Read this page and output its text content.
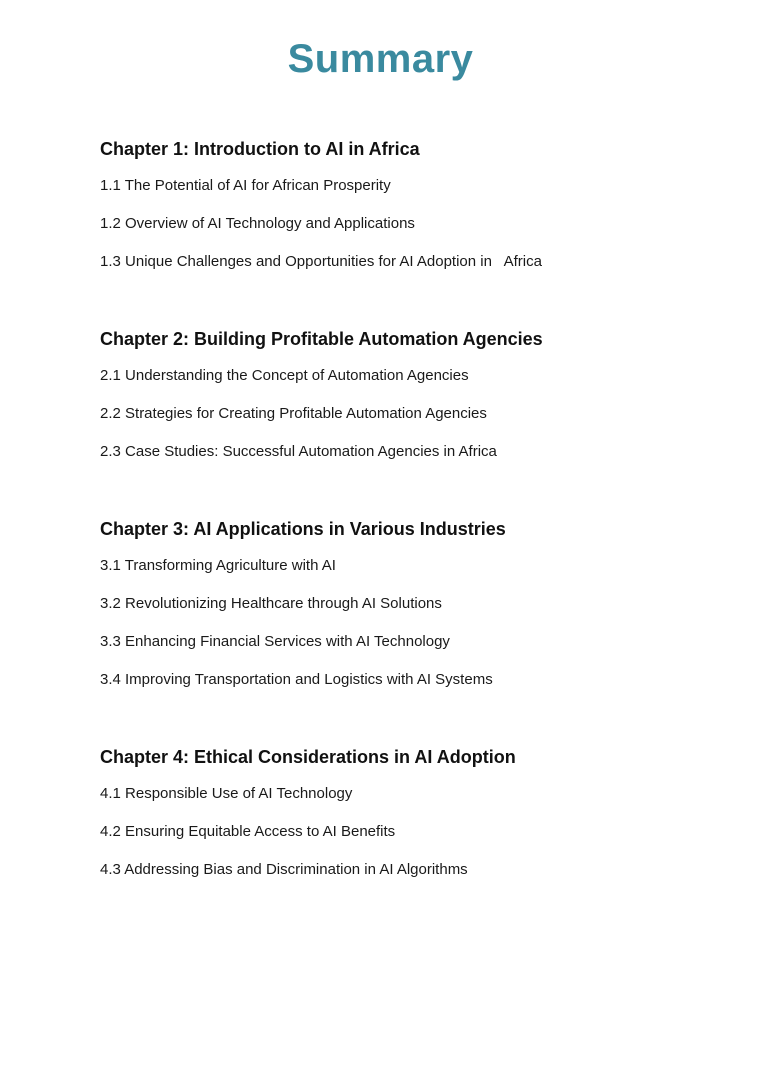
Summary
Chapter 1: Introduction to AI in Africa
1.1 The Potential of AI for African Prosperity
1.2 Overview of AI Technology and Applications
1.3 Unique Challenges and Opportunities for AI Adoption in   Africa
Chapter 2: Building Profitable Automation Agencies
2.1 Understanding the Concept of Automation Agencies
2.2 Strategies for Creating Profitable Automation Agencies
2.3 Case Studies: Successful Automation Agencies in Africa
Chapter 3: AI Applications in Various Industries
3.1 Transforming Agriculture with AI
3.2 Revolutionizing Healthcare through AI Solutions
3.3 Enhancing Financial Services with AI Technology
3.4 Improving Transportation and Logistics with AI Systems
Chapter 4: Ethical Considerations in AI Adoption
4.1 Responsible Use of AI Technology
4.2 Ensuring Equitable Access to AI Benefits
4.3 Addressing Bias and Discrimination in AI Algorithms
